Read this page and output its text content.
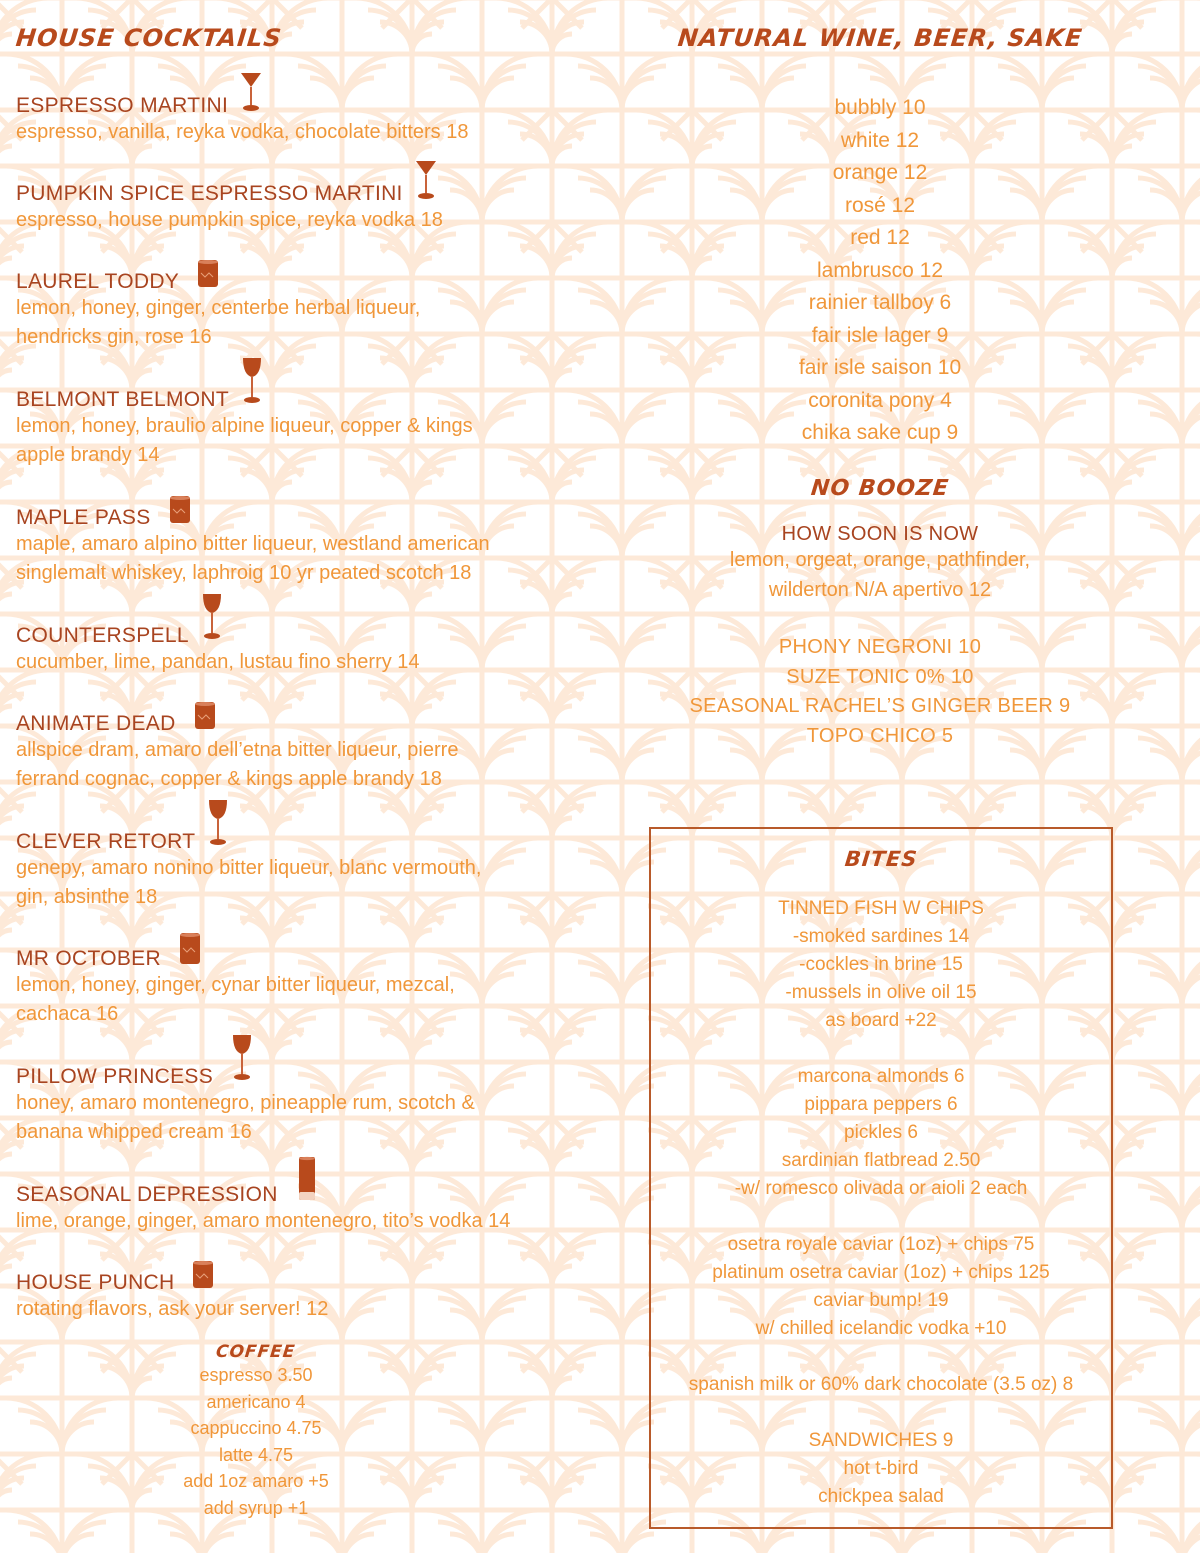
HOUSE COCKTAILS
ESPRESSO MARTINI
espresso, vanilla, reyka vodka, chocolate bitters 18
PUMPKIN SPICE ESPRESSO MARTINI
espresso, house pumpkin spice, reyka vodka 18
LAUREL TODDY
lemon, honey, ginger, centerbe herbal liqueur,
hendricks gin, rose 16
BELMONT BELMONT
lemon, honey, braulio alpine liqueur, copper & kings
apple brandy 14
MAPLE PASS
maple, amaro alpino bitter liqueur, westland american
singlemalt whiskey, laphroig 10 yr peated scotch 18
COUNTERSPELL
cucumber, lime, pandan, lustau fino sherry 14
ANIMATE DEAD
allspice dram, amaro dell’etna bitter liqueur, pierre
ferrand cognac, copper & kings apple brandy 18
CLEVER RETORT
genepy, amaro nonino bitter liqueur, blanc vermouth,
gin, absinthe 18
MR OCTOBER
lemon, honey, ginger, cynar bitter liqueur, mezcal,
cachaca 16
PILLOW PRINCESS
honey, amaro montenegro, pineapple rum, scotch &
banana whipped cream 16
SEASONAL DEPRESSION
lime, orange, ginger, amaro montenegro, tito’s vodka 14
HOUSE PUNCH
rotating flavors, ask your server! 12
COFFEE
espresso 3.50
americano 4
cappuccino 4.75
latte 4.75
add 1oz amaro +5
add syrup +1
NATURAL WINE, BEER, SAKE
bubbly 10
white 12
orange 12
rosé 12
red 12
lambrusco 12
rainier tallboy 6
fair isle lager 9
fair isle saison 10
coronita pony 4
chika sake cup 9
NO BOOZE
HOW SOON IS NOW
lemon, orgeat, orange, pathfinder,
wilderton N/A apertivo 12
PHONY NEGRONI 10
SUZE TONIC 0% 10
SEASONAL RACHEL’S GINGER BEER 9
TOPO CHICO 5
BITES
TINNED FISH W CHIPS
-smoked sardines 14
-cockles in brine 15
-mussels in olive oil 15
as board +22
marcona almonds 6
pippara peppers 6
pickles 6
sardinian flatbread 2.50
-w/ romesco olivada or aioli 2 each
osetra royale caviar (1oz) + chips 75
platinum osetra caviar (1oz) + chips 125
caviar bump! 19
w/ chilled icelandic vodka +10
spanish milk or 60% dark chocolate (3.5 oz) 8
SANDWICHES 9
hot t-bird
chickpea salad
